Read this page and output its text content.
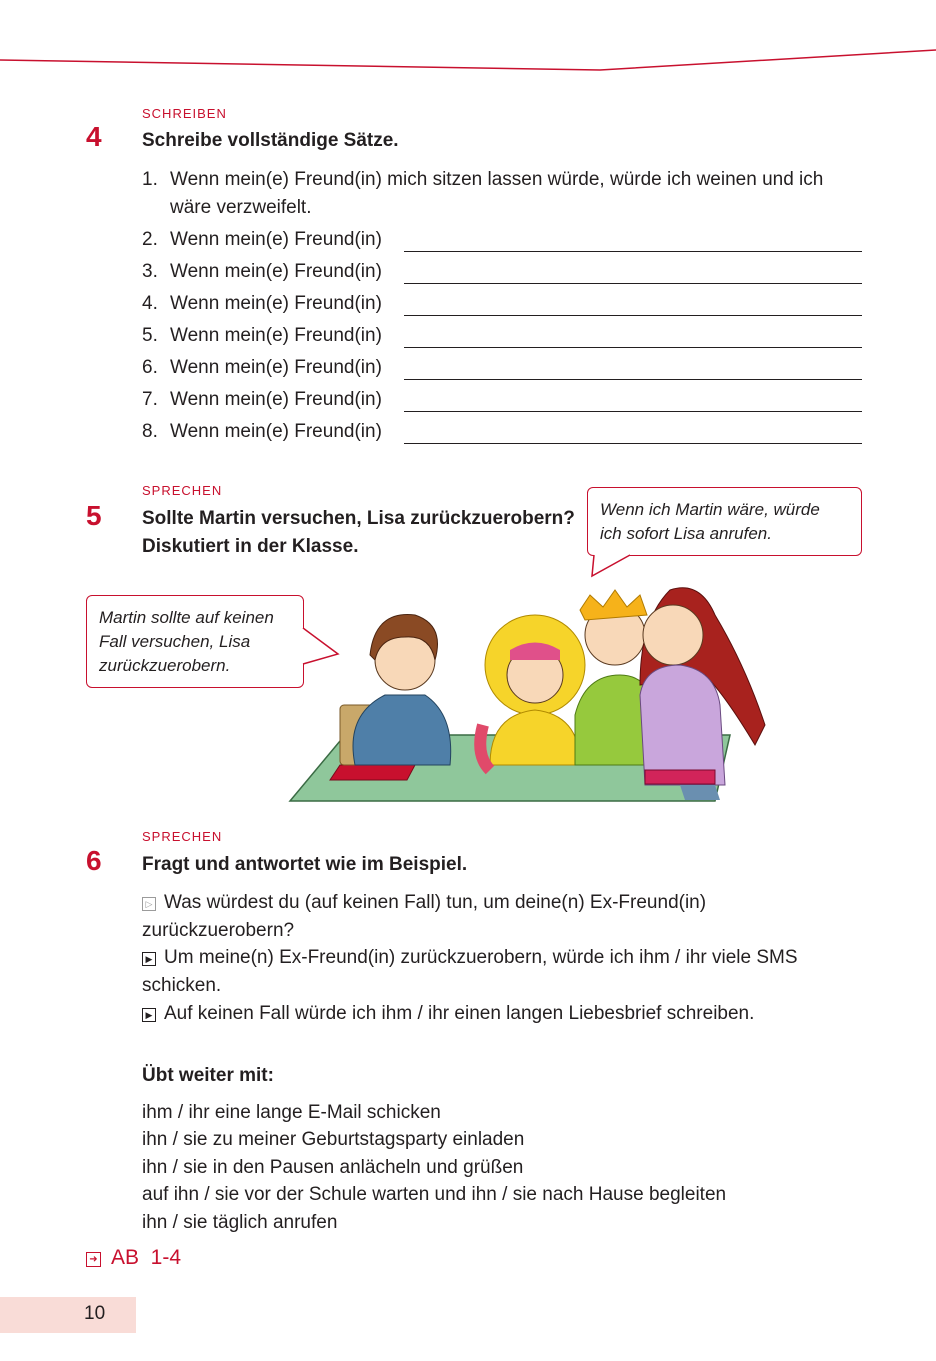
SCHREIBEN
4 Schreibe vollständige Sätze.
1. Wenn mein(e) Freund(in) mich sitzen lassen würde, würde ich weinen und ich
wäre verzweifelt.
2. Wenn mein(e) Freund(in)
3. Wenn mein(e) Freund(in)
4. Wenn mein(e) Freund(in)
5. Wenn mein(e) Freund(in)
6. Wenn mein(e) Freund(in)
7. Wenn mein(e) Freund(in)
8. Wenn mein(e) Freund(in)
SPRECHEN
5 Sollte Martin versuchen, Lisa zurückzuerobern?
Diskutiert in der Klasse.
Wenn ich Martin wäre, würde
ich sofort Lisa anrufen.
Martin sollte auf keinen
Fall versuchen, Lisa
zurückzuerobern.
SPRECHEN
6 Fragt und antwortet wie im Beispiel.
▷ Was würdest du (auf keinen Fall) tun, um deine(n) Ex-Freund(in)
zurückzuerobern?
▶ Um meine(n) Ex-Freund(in) zurückzuerobern, würde ich ihm / ihr viele SMS
schicken.
▶ Auf keinen Fall würde ich ihm / ihr einen langen Liebesbrief schreiben.
Übt weiter mit:
ihm / ihr eine lange E-Mail schicken
ihn / sie zu meiner Geburtstagsparty einladen
ihn / sie in den Pausen anlächeln und grüßen
auf ihn / sie vor der Schule warten und ihn / sie nach Hause begleiten
ihn / sie täglich anrufen
➜ AB  1-4
10
